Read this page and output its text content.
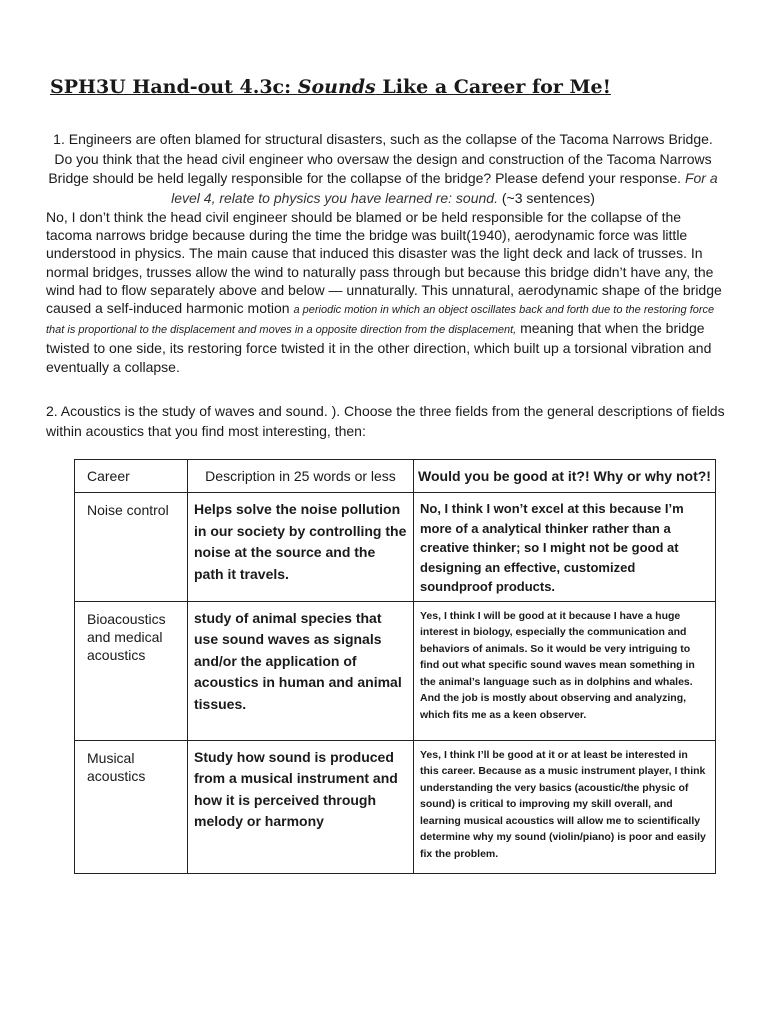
SPH3U Hand-out 4.3c: Sounds Like a Career for Me!

1. Engineers are often blamed for structural disasters, such as the collapse of the Tacoma Narrows Bridge. Do you think that the head civil engineer who oversaw the design and construction of the Tacoma Narrows Bridge should be held legally responsible for the collapse of the bridge? Please defend your response. For a level 4, relate to physics you have learned re: sound. (~3 sentences)

No, I don’t think the head civil engineer should be blamed or be held responsible for the collapse of the tacoma narrows bridge because during the time the bridge was built(1940), aerodynamic force was little understood in physics. The main cause that induced this disaster was the light deck and lack of trusses. In normal bridges, trusses allow the wind to naturally pass through but because this bridge didn’t have any, the wind had to flow separately above and below — unnaturally. This unnatural, aerodynamic shape of the bridge caused a self-induced harmonic motion a periodic motion in which an object oscillates back and forth due to the restoring force that is proportional to the displacement and moves in a opposite direction from the displacement, meaning that when the bridge twisted to one side, its restoring force twisted it in the other direction, which built up a torsional vibration and eventually a collapse.

2. Acoustics is the study of waves and sound. ). Choose the three fields from the general descriptions of fields within acoustics that you find most interesting, then:

Career	Description in 25 words or less	Would you be good at it?! Why or why not?!
Noise control	Helps solve the noise pollution in our society by controlling the noise at the source and the path it travels.	No, I think I won’t excel at this because I’m more of a analytical thinker rather than a creative thinker; so I might not be good at designing an effective, customized soundproof products.
Bioacoustics and medical acoustics	study of animal species that use sound waves as signals and/or the application of acoustics in human and animal tissues.	Yes, I think I will be good at it because I have a huge interest in biology, especially the communication and behaviors of animals. So it would be very intriguing to find out what specific sound waves mean something in the animal’s language such as in dolphins and whales. And the job is mostly about observing and analyzing, which fits me as a keen observer.
Musical acoustics	Study how sound is produced from a musical instrument and how it is perceived through melody or harmony	Yes, I think I’ll be good at it or at least be interested in this career. Because as a music instrument player, I think understanding the very basics (acoustic/the physic of sound) is critical to improving my skill overall, and learning musical acoustics will allow me to scientifically determine why my sound (violin/piano) is poor and easily fix the problem.
